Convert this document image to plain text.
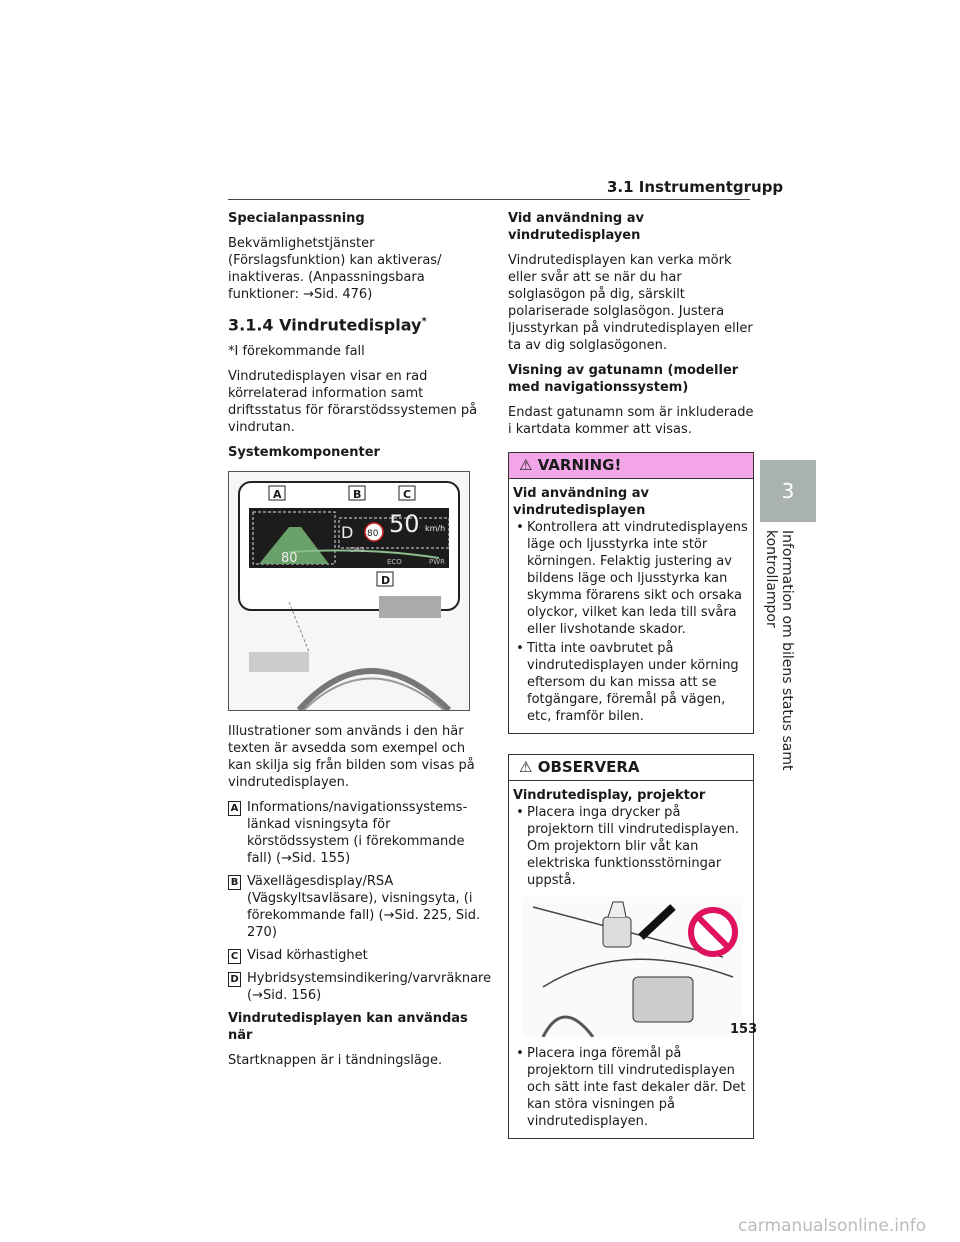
3.1 Instrumentgrupp

Specialanpassning

Bekvämlighetstjänster (Förslagsfunktion) kan aktiveras/ inaktiveras. (Anpassningsbara funktioner: →Sid. 476)

3.1.4 Vindrutedisplay*

*I förekommande fall

Vindrutedisplayen visar en rad körrelaterad information samt driftsstatus för förarstödssystemen på vindrutan.

Systemkomponenter

A	B	C
D
D 80 50 km/h
CHG
ECO	PWR
80

Illustrationer som används i den här texten är avsedda som exempel och kan skilja sig från bilden som visas på vindrutedisplayen.

A Informations/navigationssystems-länkad visningsyta för körstödssystem (i förekommande fall) (→Sid. 155)
B Växellägesdisplay/RSA (Vägskyltsavläsare), visningsyta, (i förekommande fall) (→Sid. 225, Sid. 270)
C Visad körhastighet
D Hybridsystemsindikering/varvräknare (→Sid. 156)

Vindrutedisplayen kan användas när

Startknappen är i tändningsläge.

Vid användning av vindrutedisplayen

Vindrutedisplayen kan verka mörk eller svår att se när du har solglasögon på dig, särskilt polariserade solglasögon. Justera ljusstyrkan på vindrutedisplayen eller ta av dig solglasögonen.

Visning av gatunamn (modeller med navigationssystem)

Endast gatunamn som är inkluderade i kartdata kommer att visas.

⚠ VARNING!
Vid användning av vindrutedisplayen
• Kontrollera att vindrutedisplayens läge och ljusstyrka inte stör körningen. Felaktig justering av bildens läge och ljusstyrka kan skymma förarens sikt och orsaka olyckor, vilket kan leda till svåra eller livshotande skador.
• Titta inte oavbrutet på vindrutedisplayen under körning eftersom du kan missa att se fotgängare, föremål på vägen, etc, framför bilen.
⚠ OBSERVERA
Vindrutedisplay, projektor
• Placera inga drycker på projektorn till vindrutedisplayen. Om projektorn blir våt kan elektriska funktionsstörningar uppstå.
• Placera inga föremål på projektorn till vindrutedisplayen och sätt inte fast dekaler där. Det kan störa visningen på vindrutedisplayen.
3
Information om bilens status samt kontrollampor
153
carmanualsonline.info
